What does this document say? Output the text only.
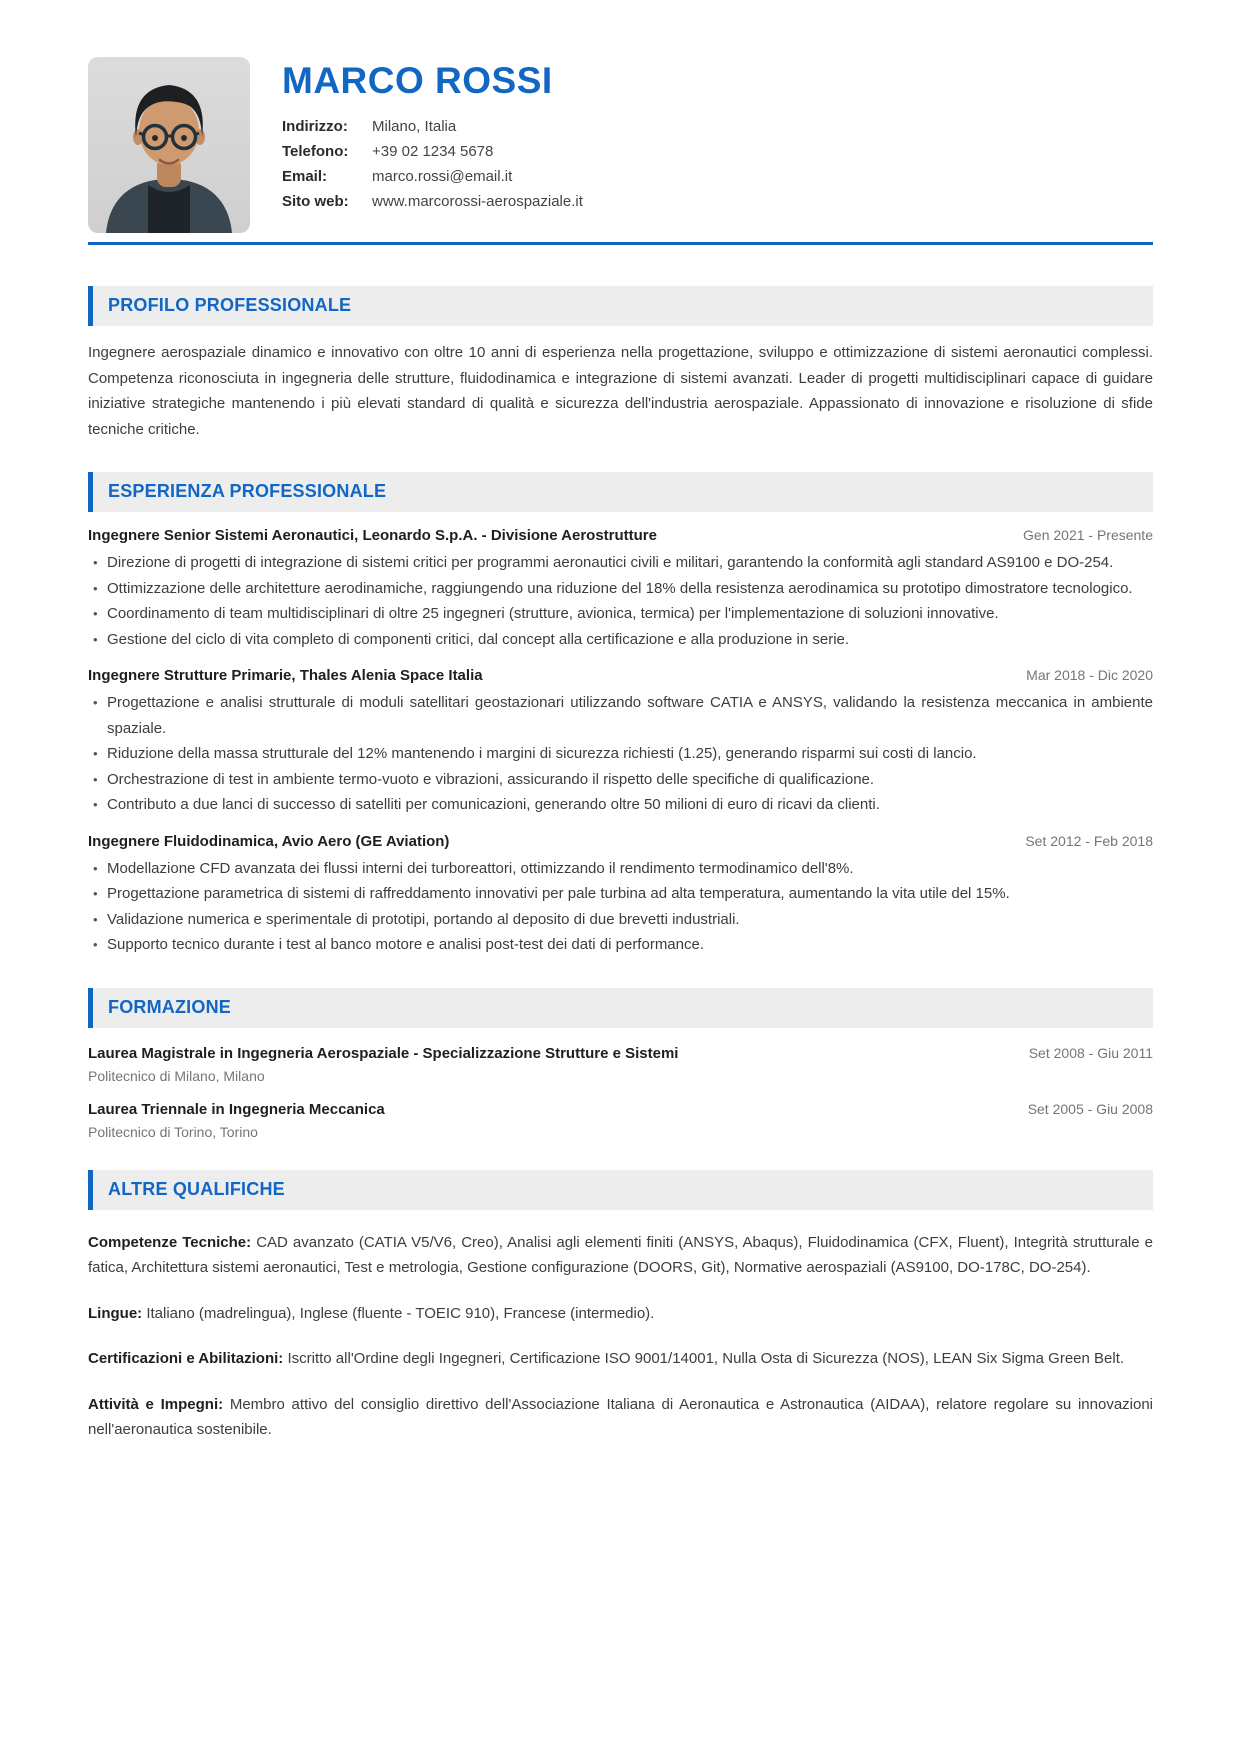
MARCO ROSSI
Indirizzo:	Milano, Italia
Telefono:	+39 02 1234 5678
Email:	marco.rossi@email.it
Sito web:	www.marcorossi-aerospaziale.it
PROFILO PROFESSIONALE

Ingegnere aerospaziale dinamico e innovativo con oltre 10 anni di esperienza nella progettazione, sviluppo e ottimizzazione di sistemi aeronautici complessi. Competenza riconosciuta in ingegneria delle strutture, fluidodinamica e integrazione di sistemi avanzati. Leader di progetti multidisciplinari capace di guidare iniziative strategiche mantenendo i più elevati standard di qualità e sicurezza dell'industria aerospaziale. Appassionato di innovazione e risoluzione di sfide tecniche critiche.

ESPERIENZA PROFESSIONALE
Ingegnere Senior Sistemi Aeronautici, Leonardo S.p.A. - Divisione Aerostrutture	Gen 2021 - Presente
• Direzione di progetti di integrazione di sistemi critici per programmi aeronautici civili e militari, garantendo la conformità agli standard AS9100 e DO-254.
• Ottimizzazione delle architetture aerodinamiche, raggiungendo una riduzione del 18% della resistenza aerodinamica su prototipo dimostratore tecnologico.
• Coordinamento di team multidisciplinari di oltre 25 ingegneri (strutture, avionica, termica) per l'implementazione di soluzioni innovative.
• Gestione del ciclo di vita completo di componenti critici, dal concept alla certificazione e alla produzione in serie.
Ingegnere Strutture Primarie, Thales Alenia Space Italia	Mar 2018 - Dic 2020
• Progettazione e analisi strutturale di moduli satellitari geostazionari utilizzando software CATIA e ANSYS, validando la resistenza meccanica in ambiente spaziale.
• Riduzione della massa strutturale del 12% mantenendo i margini di sicurezza richiesti (1.25), generando risparmi sui costi di lancio.
• Orchestrazione di test in ambiente termo-vuoto e vibrazioni, assicurando il rispetto delle specifiche di qualificazione.
• Contributo a due lanci di successo di satelliti per comunicazioni, generando oltre 50 milioni di euro di ricavi da clienti.
Ingegnere Fluidodinamica, Avio Aero (GE Aviation)	Set 2012 - Feb 2018
• Modellazione CFD avanzata dei flussi interni dei turboreattori, ottimizzando il rendimento termodinamico dell'8%.
• Progettazione parametrica di sistemi di raffreddamento innovativi per pale turbina ad alta temperatura, aumentando la vita utile del 15%.
• Validazione numerica e sperimentale di prototipi, portando al deposito di due brevetti industriali.
• Supporto tecnico durante i test al banco motore e analisi post-test dei dati di performance.
FORMAZIONE
Laurea Magistrale in Ingegneria Aerospaziale - Specializzazione Strutture e Sistemi	Set 2008 - Giu 2011
Politecnico di Milano, Milano
Laurea Triennale in Ingegneria Meccanica	Set 2005 - Giu 2008
Politecnico di Torino, Torino
ALTRE QUALIFICHE

Competenze Tecniche: CAD avanzato (CATIA V5/V6, Creo), Analisi agli elementi finiti (ANSYS, Abaqus), Fluidodinamica (CFX, Fluent), Integrità strutturale e fatica, Architettura sistemi aeronautici, Test e metrologia, Gestione configurazione (DOORS, Git), Normative aerospaziali (AS9100, DO-178C, DO-254).

Lingue: Italiano (madrelingua), Inglese (fluente - TOEIC 910), Francese (intermedio).

Certificazioni e Abilitazioni: Iscritto all'Ordine degli Ingegneri, Certificazione ISO 9001/14001, Nulla Osta di Sicurezza (NOS), LEAN Six Sigma Green Belt.

Attività e Impegni: Membro attivo del consiglio direttivo dell'Associazione Italiana di Aeronautica e Astronautica (AIDAA), relatore regolare su innovazioni nell'aeronautica sostenibile.
